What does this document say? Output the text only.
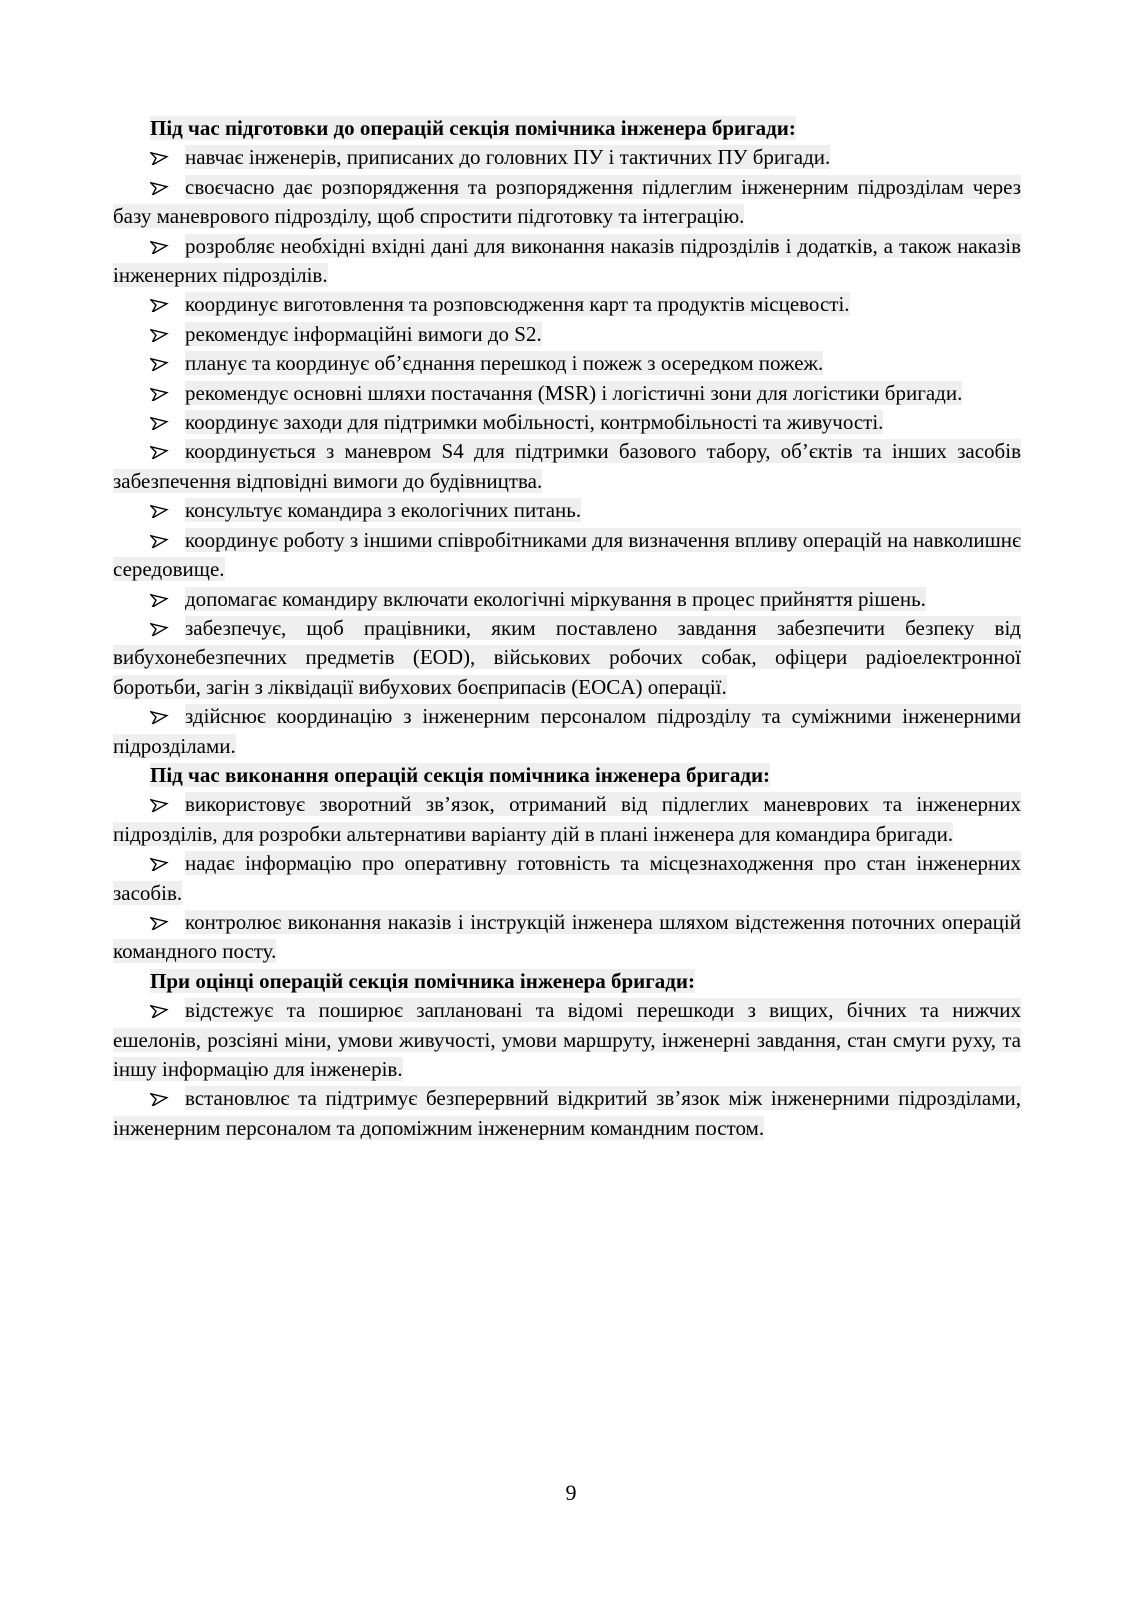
Під час підготовки до операцій секція помічника інженера бригади:

навчає інженерів, приписаних до головних ПУ і тактичних ПУ бригади.

своєчасно дає розпорядження та розпорядження підлеглим інженерним підрозділам через базу маневрового підрозділу, щоб спростити підготовку та інтеграцію.

розробляє необхідні вхідні дані для виконання наказів підрозділів і додатків, а також наказів інженерних підрозділів.

координує виготовлення та розповсюдження карт та продуктів місцевості.

рекомендує інформаційні вимоги до S2.

планує та координує об’єднання перешкод і пожеж з осередком пожеж.

рекомендує основні шляхи постачання (MSR) і логістичні зони для логістики бригади.

координує заходи для підтримки мобільності, контрмобільності та живучості.

координується з маневром S4 для підтримки базового табору, об’єктів та інших засобів забезпечення відповідні вимоги до будівництва.

консультує командира з екологічних питань.

координує роботу з іншими співробітниками для визначення впливу операцій на навколишнє середовище.

допомагає командиру включати екологічні міркування в процес прийняття рішень.

забезпечує, щоб працівники, яким поставлено завдання забезпечити безпеку від вибухонебезпечних предметів (EOD), військових робочих собак, офіцери радіоелектронної боротьби, загін з ліквідації вибухових боєприпасів (EOCA) операції.

здійснює координацію з інженерним персоналом підрозділу та суміжними інженерними підрозділами.

Під час виконання операцій секція помічника інженера бригади:

використовує зворотний зв’язок, отриманий від підлеглих маневрових та інженерних підрозділів, для розробки альтернативи варіанту дій в плані інженера для командира бригади.

надає інформацію про оперативну готовність та місцезнаходження про стан інженерних засобів.

контролює виконання наказів і інструкцій інженера шляхом відстеження поточних операцій командного посту.

При оцінці операцій секція помічника інженера бригади:

відстежує та поширює заплановані та відомі перешкоди з вищих, бічних та нижчих ешелонів, розсіяні міни, умови живучості, умови маршруту, інженерні завдання, стан смуги руху, та іншу інформацію для інженерів.

встановлює та підтримує безперервний відкритий зв’язок між інженерними підрозділами, інженерним персоналом та допоміжним інженерним командним постом.

9
